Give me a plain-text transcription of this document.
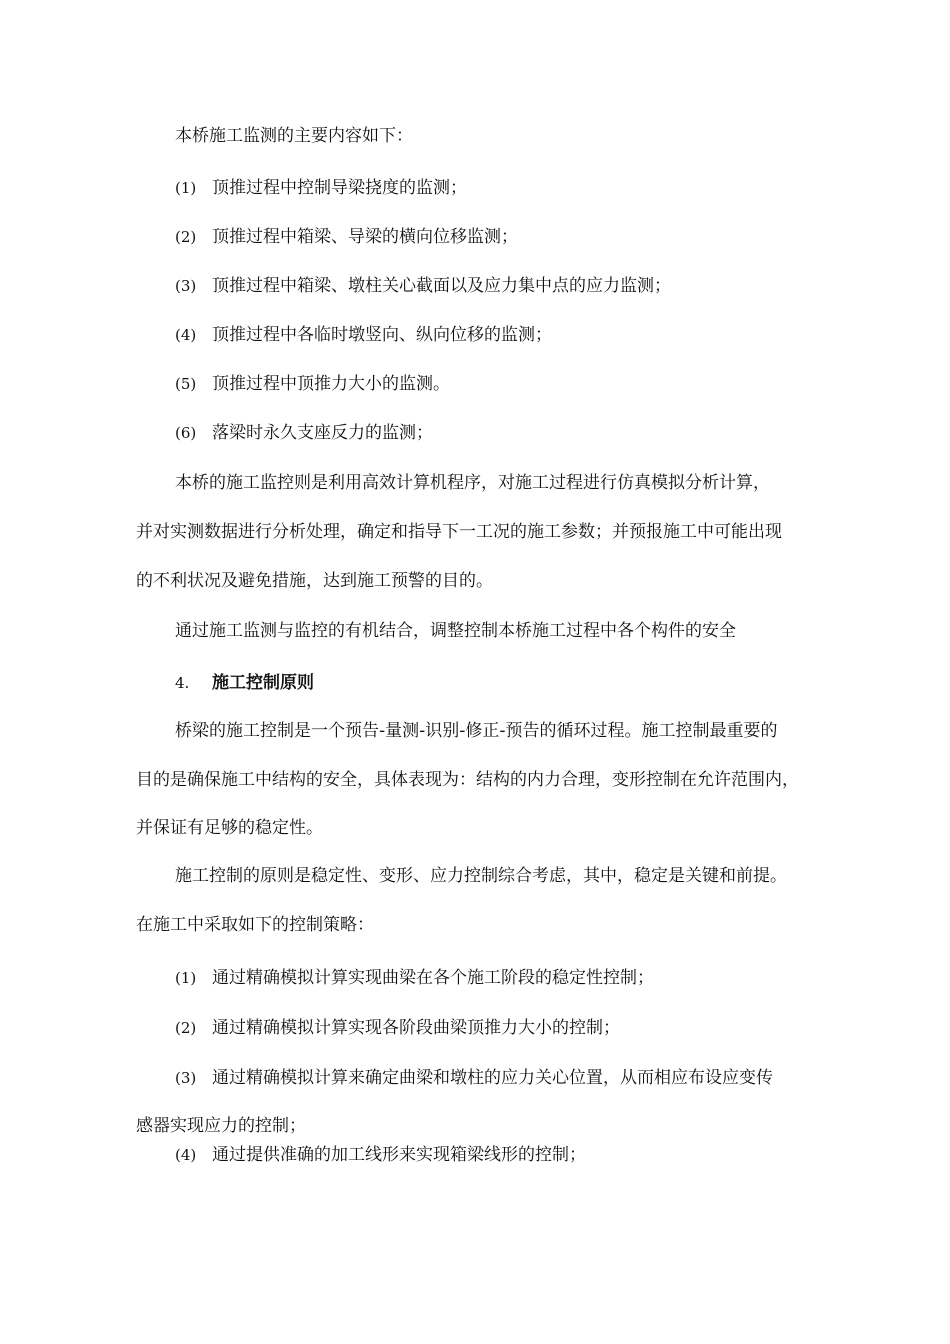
本桥施工监测的主要内容如下：
(1) 顶推过程中控制导梁挠度的监测；
(2) 顶推过程中箱梁、导梁的横向位移监测；
(3) 顶推过程中箱梁、墩柱关心截面以及应力集中点的应力监测；
(4) 顶推过程中各临时墩竖向、纵向位移的监测；
(5) 顶推过程中顶推力大小的监测。
(6) 落梁时永久支座反力的监测；
本桥的施工监控则是利用高效计算机程序，对施工过程进行仿真模拟分析计算，
并对实测数据进行分析处理，确定和指导下一工况的施工参数；并预报施工中可能出现
的不利状况及避免措施，达到施工预警的目的。
通过施工监测与监控的有机结合，调整控制本桥施工过程中各个构件的安全
4. 施工控制原则
桥梁的施工控制是一个预告-量测-识别-修正-预告的循环过程。施工控制最重要的
目的是确保施工中结构的安全，具体表现为：结构的内力合理，变形控制在允许范围内，
并保证有足够的稳定性。
施工控制的原则是稳定性、变形、应力控制综合考虑，其中，稳定是关键和前提。
在施工中采取如下的控制策略：
(1) 通过精确模拟计算实现曲梁在各个施工阶段的稳定性控制；
(2) 通过精确模拟计算实现各阶段曲梁顶推力大小的控制；
(3) 通过精确模拟计算来确定曲梁和墩柱的应力关心位置，从而相应布设应变传
感器实现应力的控制；
(4) 通过提供准确的加工线形来实现箱梁线形的控制；
